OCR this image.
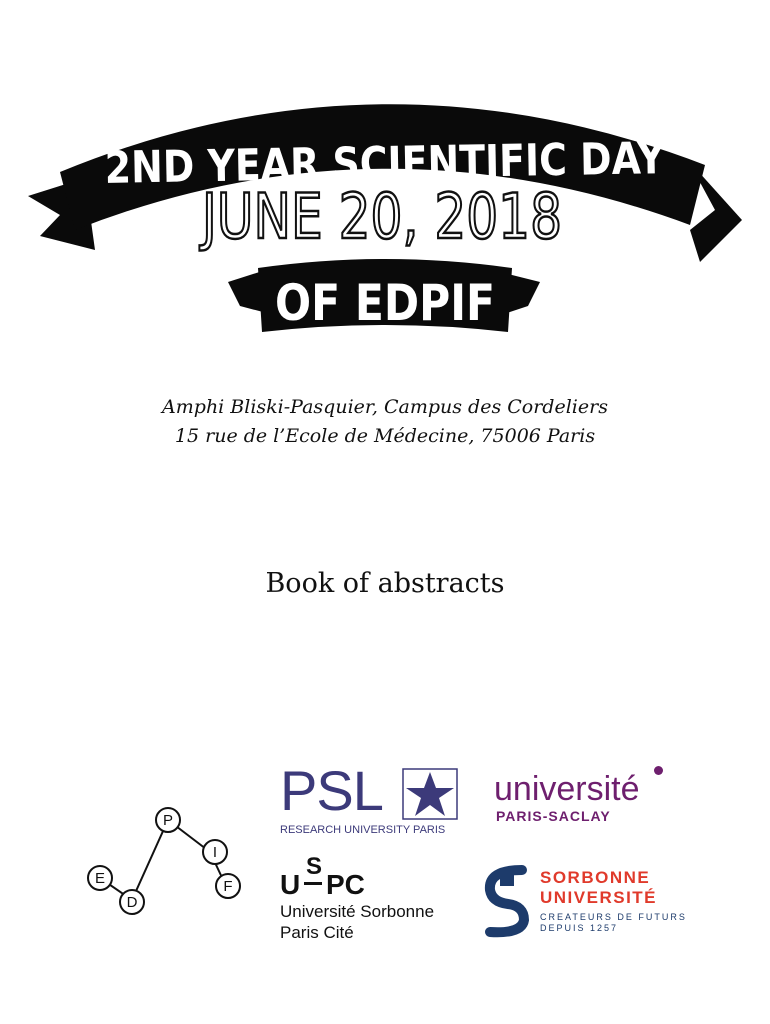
2ND YEAR SCIENTIFIC DAY
JUNE 20, 2018
OF EDPIF
Amphi Bliski-Pasquier, Campus des Cordeliers
15 rue de l’Ecole de Médecine, 75006 Paris
Book of abstracts
P
I
F
D
E
PSL
RESEARCH UNIVERSITY PARIS
université
PARIS-SACLAY
U
S
PC
Université Sorbonne
Paris Cité
SORBONNE
UNIVERSITÉ
CREATEURS DE FUTURS
DEPUIS 1257
